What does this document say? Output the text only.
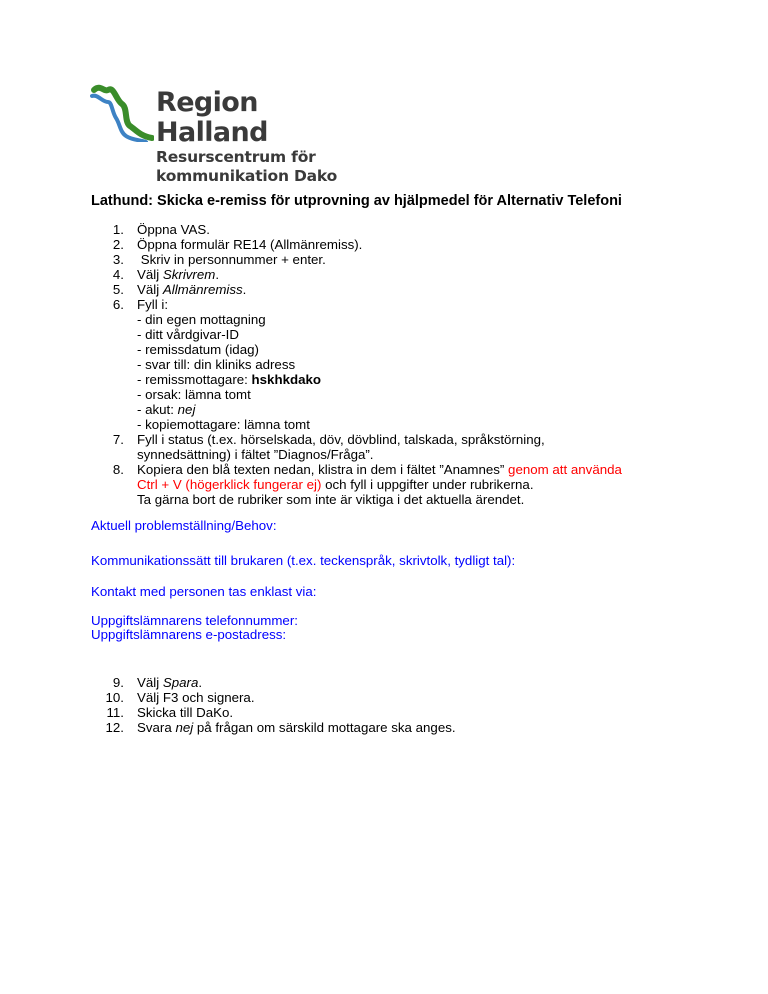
Region Halland
Resurscentrum för
kommunikation Dako
Lathund: Skicka e-remiss för utprovning av hjälpmedel för Alternativ Telefoni
1. Öppna VAS.
2. Öppna formulär RE14 (Allmänremiss).
3. Skriv in personnummer + enter.
4. Välj Skrivrem.
5. Välj Allmänremiss.
6. Fyll i:
- din egen mottagning
- ditt vårdgivar-ID
- remissdatum (idag)
- svar till: din kliniks adress
- remissmottagare: hskhkdako
- orsak: lämna tomt
- akut: nej
- kopiemottagare: lämna tomt
7. Fyll i status (t.ex. hörselskada, döv, dövblind, talskada, språkstörning,
synnedsättning) i fältet ”Diagnos/Fråga”.
8. Kopiera den blå texten nedan, klistra in dem i fältet ”Anamnes” genom att använda
Ctrl + V (högerklick fungerar ej) och fyll i uppgifter under rubrikerna.
Ta gärna bort de rubriker som inte är viktiga i det aktuella ärendet.
Aktuell problemställning/Behov:
Kommunikationssätt till brukaren (t.ex. teckenspråk, skrivtolk, tydligt tal):
Kontakt med personen tas enklast via:
Uppgiftslämnarens telefonnummer:
Uppgiftslämnarens e-postadress:
9. Välj Spara.
10. Välj F3 och signera.
11. Skicka till DaKo.
12. Svara nej på frågan om särskild mottagare ska anges.
